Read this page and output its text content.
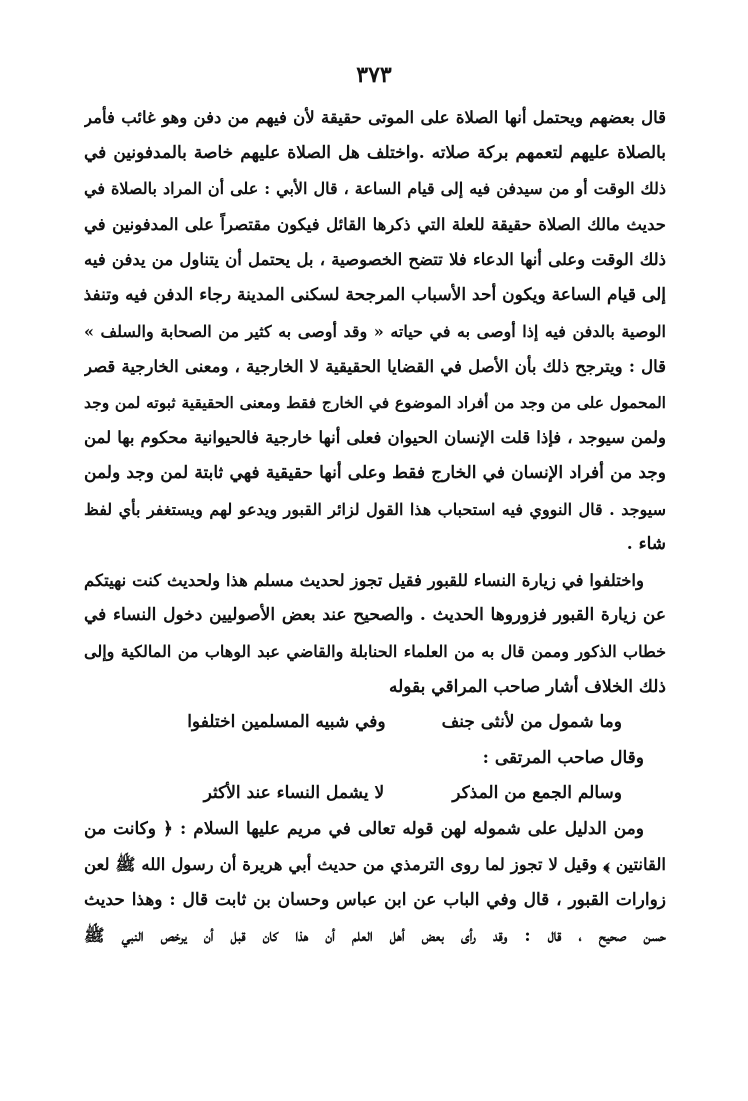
٣٧٣
قال بعضهم ويحتمل أنها الصلاة على الموتى حقيقة لأن فيهم من دفن وهو غائب فأمر
بالصلاة عليهم لتعمهم بركة صلاته .واختلف هل الصلاة عليهم خاصة بالمدفونين في
ذلك الوقت أو من سيدفن فيه إلى قيام الساعة ، قال الأبي : على أن المراد بالصلاة في
حديث مالك الصلاة حقيقة للعلة التي ذكرها القائل فيكون مقتصراً على المدفونين في
ذلك الوقت وعلى أنها الدعاء فلا تتضح الخصوصية ، بل يحتمل أن يتناول من يدفن فيه
إلى قيام الساعة ويكون أحد الأسباب المرجحة لسكنى المدينة رجاء الدفن فيه وتنفذ
الوصية بالدفن فيه إذا أوصى به في حياته « وقد أوصى به كثير من الصحابة والسلف »
قال : ويترجح ذلك بأن الأصل في القضايا الحقيقية لا الخارجية ، ومعنى الخارجية قصر
المحمول على من وجد من أفراد الموضوع في الخارج فقط ومعنى الحقيقية ثبوته لمن وجد
ولمن سيوجد ، فإذا قلت الإنسان الحيوان فعلى أنها خارجية فالحيوانية محكوم بها لمن
وجد من أفراد الإنسان في الخارج فقط وعلى أنها حقيقية فهي ثابتة لمن وجد ولمن
سيوجد . قال النووي فيه استحباب هذا القول لزائر القبور ويدعو لهم ويستغفر بأي لفظ
شاء .
واختلفوا في زيارة النساء للقبور فقيل تجوز لحديث مسلم هذا ولحديث كنت نهيتكم
عن زيارة القبور فزوروها الحديث . والصحيح عند بعض الأصوليين دخول النساء في
خطاب الذكور وممن قال به من العلماء الحنابلة والقاضي عبد الوهاب من المالكية وإلى
ذلك الخلاف أشار صاحب المراقي بقوله
وما شمول من لأنثى جنف
وفي شبيه المسلمين اختلفوا
وقال صاحب المرتقى :
وسالم الجمع من المذكر
لا يشمل النساء عند الأكثر
ومن الدليل على شموله لهن قوله تعالى في مريم عليها السلام : ﴿ وكانت من
القانتين ﴾ وقيل لا تجوز لما روى الترمذي من حديث أبي هريرة أن رسول الله ﷺ لعن
زوارات القبور ، قال وفي الباب عن ابن عباس وحسان بن ثابت قال : وهذا حديث
حسن صحيح ، قال : وقد رأى بعض أهل العلم أن هذا كان قبل أن يرخص النبي ﷺ
